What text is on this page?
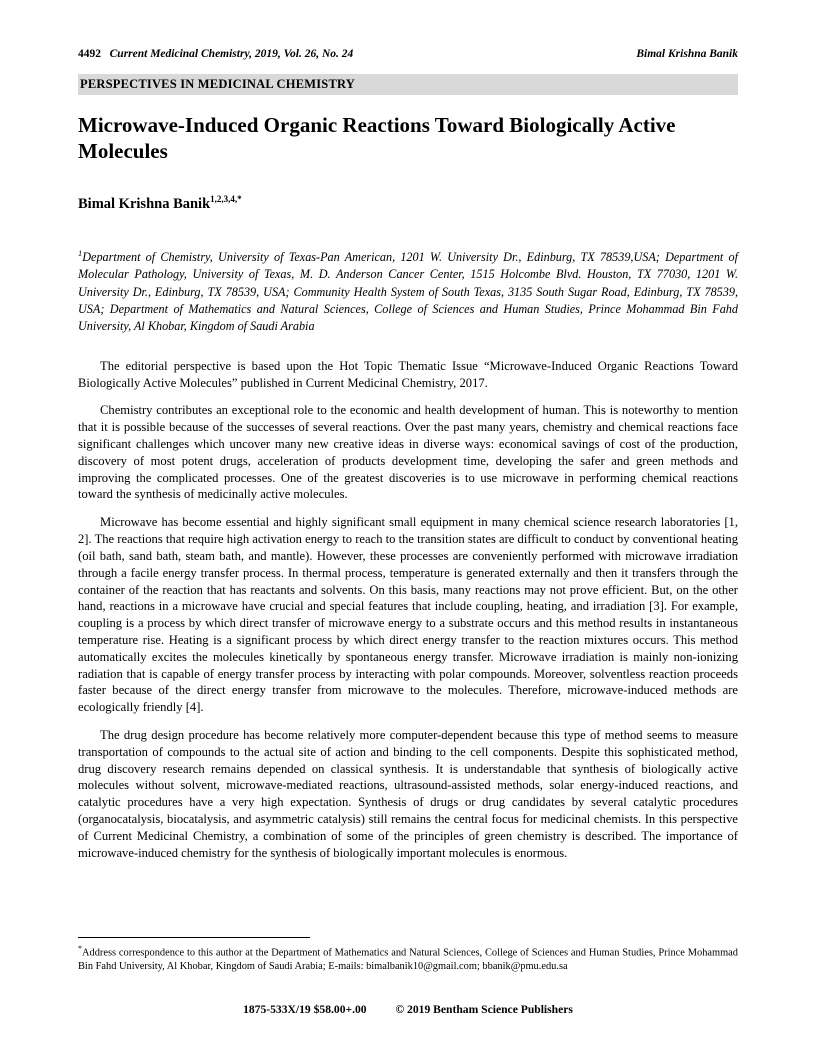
4492 Current Medicinal Chemistry, 2019, Vol. 26, No. 24	Bimal Krishna Banik
PERSPECTIVES IN MEDICINAL CHEMISTRY
Microwave-Induced Organic Reactions Toward Biologically Active
Molecules
Bimal Krishna Banik$^{1,2,3,4,*}$
$^1$Department of Chemistry, University of Texas-Pan American, 1201 W. University Dr., Edinburg, TX 78539,USA; Department of Molecular Pathology, University of Texas, M. D. Anderson Cancer Center, 1515 Holcombe Blvd. Houston, TX 77030, 1201 W. University Dr., Edinburg, TX 78539, USA; Community Health System of South Texas, 3135 South Sugar Road, Edinburg, TX 78539, USA; Department of Mathematics and Natural Sciences, College of Sciences and Human Studies, Prince Mohammad Bin Fahd University, Al Khobar, Kingdom of Saudi Arabia

The editorial perspective is based upon the Hot Topic Thematic Issue “Microwave-Induced Organic Reactions Toward Biologically Active Molecules” published in Current Medicinal Chemistry, 2017.

Chemistry contributes an exceptional role to the economic and health development of human. This is noteworthy to mention that it is possible because of the successes of several reactions. Over the past many years, chemistry and chemical reactions face significant challenges which uncover many new creative ideas in diverse ways: economical savings of cost of the production, discovery of most potent drugs, acceleration of products development time, developing the safer and green methods and improving the complicated processes. One of the greatest discoveries is to use microwave in performing chemical reactions toward the synthesis of medicinally active molecules.

Microwave has become essential and highly significant small equipment in many chemical science research laboratories [1, 2]. The reactions that require high activation energy to reach to the transition states are difficult to conduct by conventional heating (oil bath, sand bath, steam bath, and mantle). However, these processes are conveniently performed with microwave irradiation through a facile energy transfer process. In thermal process, temperature is generated externally and then it transfers through the container of the reaction that has reactants and solvents. On this basis, many reactions may not prove efficient. But, on the other hand, reactions in a microwave have crucial and special features that include coupling, heating, and irradiation [3]. For example, coupling is a process by which direct transfer of microwave energy to a substrate occurs and this method results in instantaneous temperature rise. Heating is a significant process by which direct energy transfer to the reaction mixtures occurs. This method automatically excites the molecules kinetically by spontaneous energy transfer. Microwave irradiation is mainly non-ionizing radiation that is capable of energy transfer process by interacting with polar compounds. Moreover, solventless reaction proceeds faster because of the direct energy transfer from microwave to the molecules. Therefore, microwave-induced methods are ecologically friendly [4].

The drug design procedure has become relatively more computer-dependent because this type of method seems to measure transportation of compounds to the actual site of action and binding to the cell components. Despite this sophisticated method, drug discovery research remains depended on classical synthesis. It is understandable that synthesis of biologically active molecules without solvent, microwave-mediated reactions, ultrasound-assisted methods, solar energy-induced reactions, and catalytic procedures have a very high expectation. Synthesis of drugs or drug candidates by several catalytic procedures (organocatalysis, biocatalysis, and asymmetric catalysis) still remains the central focus for medicinal chemists. In this perspective of Current Medicinal Chemistry, a combination of some of the principles of green chemistry is described. The importance of microwave-induced chemistry for the synthesis of biologically important molecules is enormous.

*Address correspondence to this author at the Department of Mathematics and Natural Sciences, College of Sciences and Human Studies, Prince Mohammad Bin Fahd University, Al Khobar, Kingdom of Saudi Arabia; E-mails: bimalbanik10@gmail.com; bbanik@pmu.edu.sa
1875-533X/19 $58.00+.00 © 2019 Bentham Science Publishers
